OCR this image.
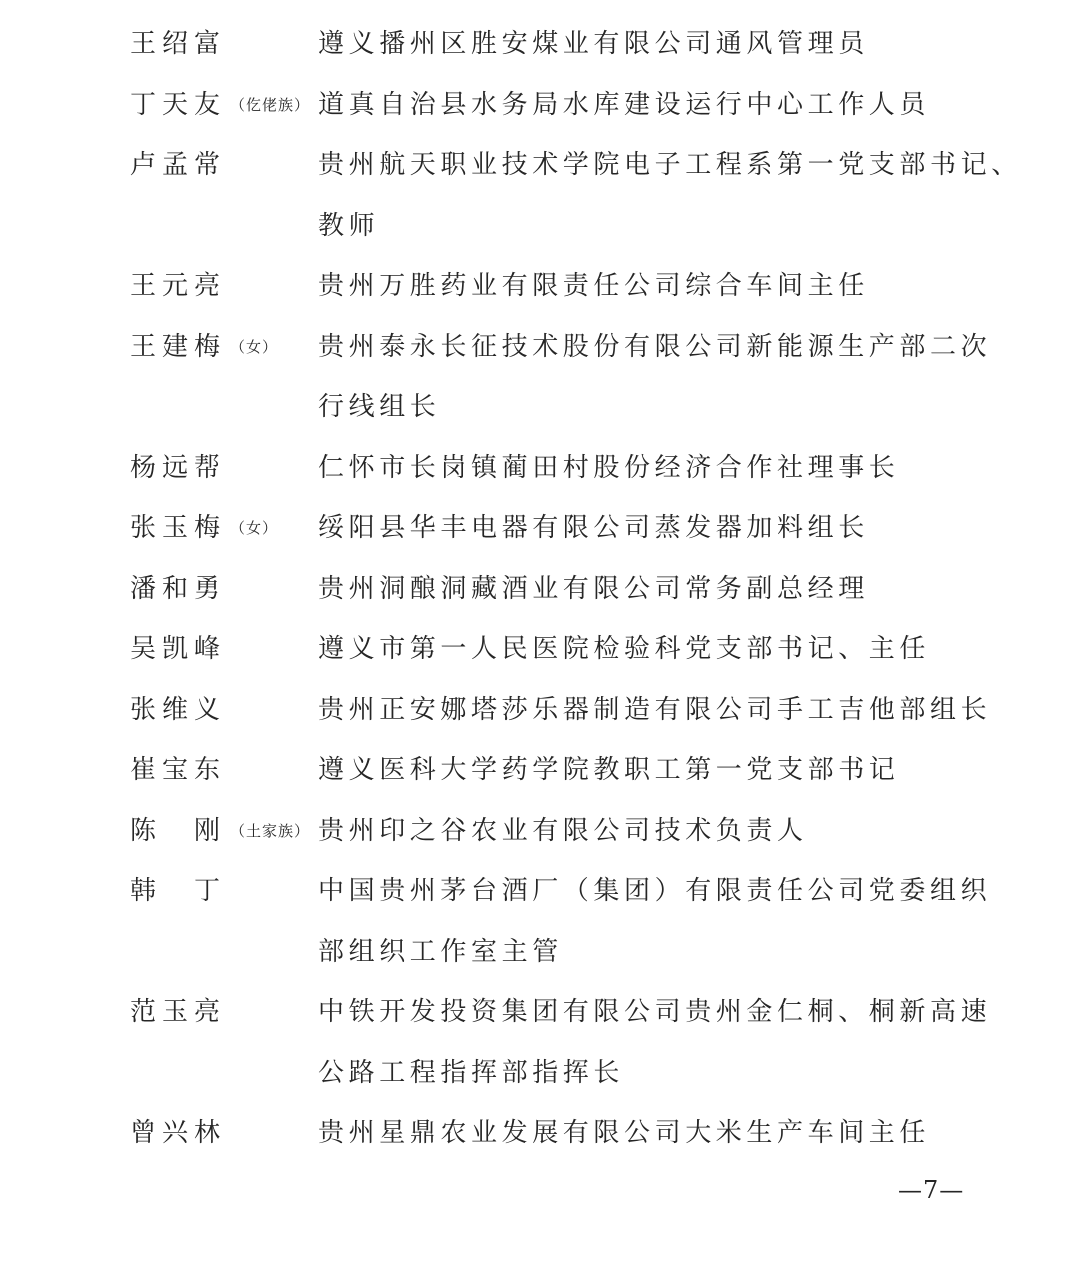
王绍富	遵义播州区胜安煤业有限公司通风管理员
丁天友 （仡佬族） 道真自治县水务局水库建设运行中心工作人员
卢孟常	贵州航天职业技术学院电子工程系第一党支部书记、
教师
王元亮	贵州万胜药业有限责任公司综合车间主任
王建梅 （女） 贵州泰永长征技术股份有限公司新能源生产部二次
行线组长
杨远帮	仁怀市长岗镇蔺田村股份经济合作社理事长
张玉梅 （女） 绥阳县华丰电器有限公司蒸发器加料组长
潘和勇	贵州洞酿洞藏酒业有限公司常务副总经理
吴凯峰	遵义市第一人民医院检验科党支部书记、主任
张维义	贵州正安娜塔莎乐器制造有限公司手工吉他部组长
崔宝东	遵义医科大学药学院教职工第一党支部书记
陈　刚 （土家族） 贵州印之谷农业有限公司技术负责人
韩　丁	中国贵州茅台酒厂（集团）有限责任公司党委组织
部组织工作室主管
范玉亮	中铁开发投资集团有限公司贵州金仁桐、桐新高速
公路工程指挥部指挥长
曾兴林	贵州星鼎农业发展有限公司大米生产车间主任
—7—
